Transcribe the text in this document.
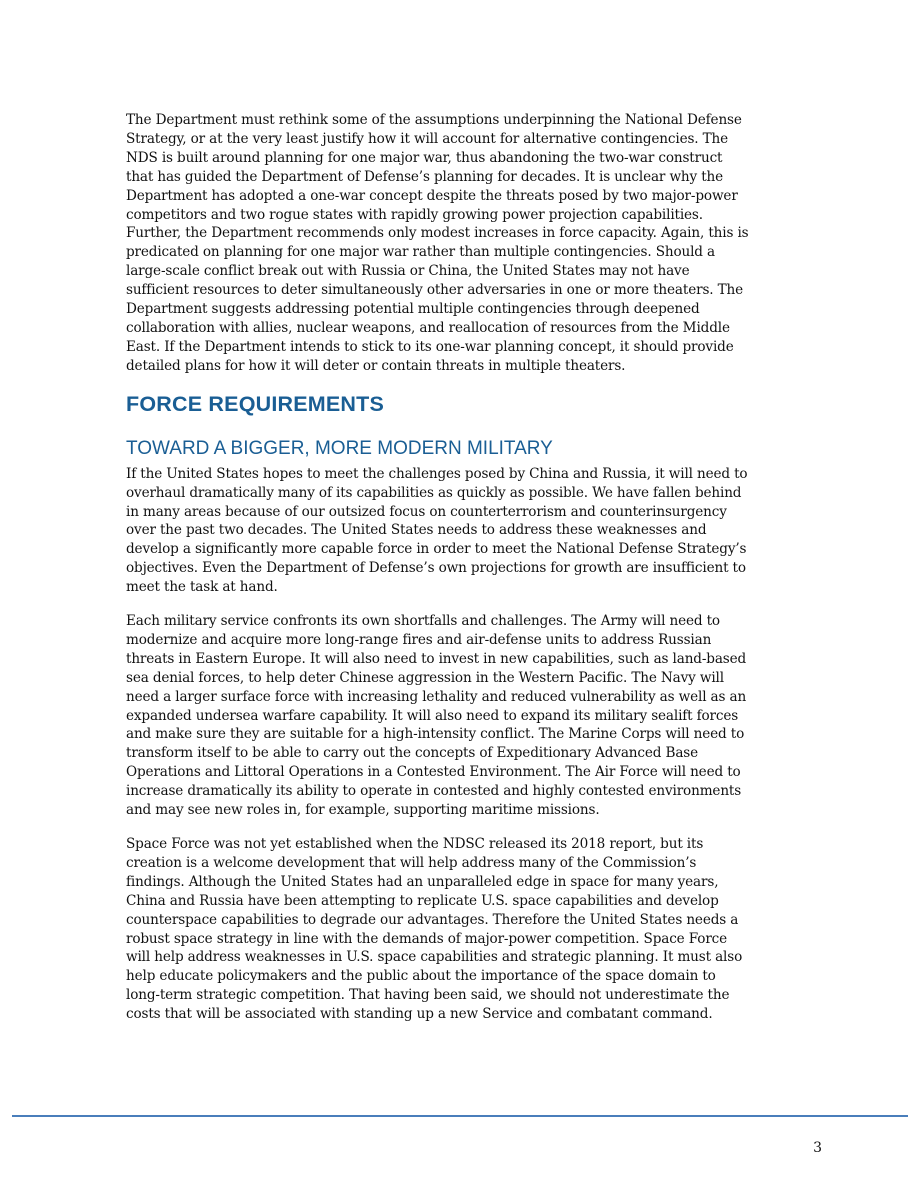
The Department must rethink some of the assumptions underpinning the National Defense
Strategy, or at the very least justify how it will account for alternative contingencies. The
NDS is built around planning for one major war, thus abandoning the two-war construct
that has guided the Department of Defense’s planning for decades. It is unclear why the
Department has adopted a one-war concept despite the threats posed by two major-power
competitors and two rogue states with rapidly growing power projection capabilities.
Further, the Department recommends only modest increases in force capacity. Again, this is
predicated on planning for one major war rather than multiple contingencies. Should a
large-scale conflict break out with Russia or China, the United States may not have
sufficient resources to deter simultaneously other adversaries in one or more theaters. The
Department suggests addressing potential multiple contingencies through deepened
collaboration with allies, nuclear weapons, and reallocation of resources from the Middle
East. If the Department intends to stick to its one-war planning concept, it should provide
detailed plans for how it will deter or contain threats in multiple theaters.

FORCE REQUIREMENTS
TOWARD A BIGGER, MORE MODERN MILITARY

If the United States hopes to meet the challenges posed by China and Russia, it will need to
overhaul dramatically many of its capabilities as quickly as possible. We have fallen behind
in many areas because of our outsized focus on counterterrorism and counterinsurgency
over the past two decades. The United States needs to address these weaknesses and
develop a significantly more capable force in order to meet the National Defense Strategy’s
objectives. Even the Department of Defense’s own projections for growth are insufficient to
meet the task at hand.

Each military service confronts its own shortfalls and challenges. The Army will need to
modernize and acquire more long-range fires and air-defense units to address Russian
threats in Eastern Europe. It will also need to invest in new capabilities, such as land-based
sea denial forces, to help deter Chinese aggression in the Western Pacific. The Navy will
need a larger surface force with increasing lethality and reduced vulnerability as well as an
expanded undersea warfare capability. It will also need to expand its military sealift forces
and make sure they are suitable for a high-intensity conflict. The Marine Corps will need to
transform itself to be able to carry out the concepts of Expeditionary Advanced Base
Operations and Littoral Operations in a Contested Environment. The Air Force will need to
increase dramatically its ability to operate in contested and highly contested environments
and may see new roles in, for example, supporting maritime missions.

Space Force was not yet established when the NDSC released its 2018 report, but its
creation is a welcome development that will help address many of the Commission’s
findings. Although the United States had an unparalleled edge in space for many years,
China and Russia have been attempting to replicate U.S. space capabilities and develop
counterspace capabilities to degrade our advantages. Therefore the United States needs a
robust space strategy in line with the demands of major-power competition. Space Force
will help address weaknesses in U.S. space capabilities and strategic planning. It must also
help educate policymakers and the public about the importance of the space domain to
long-term strategic competition. That having been said, we should not underestimate the
costs that will be associated with standing up a new Service and combatant command.

3
